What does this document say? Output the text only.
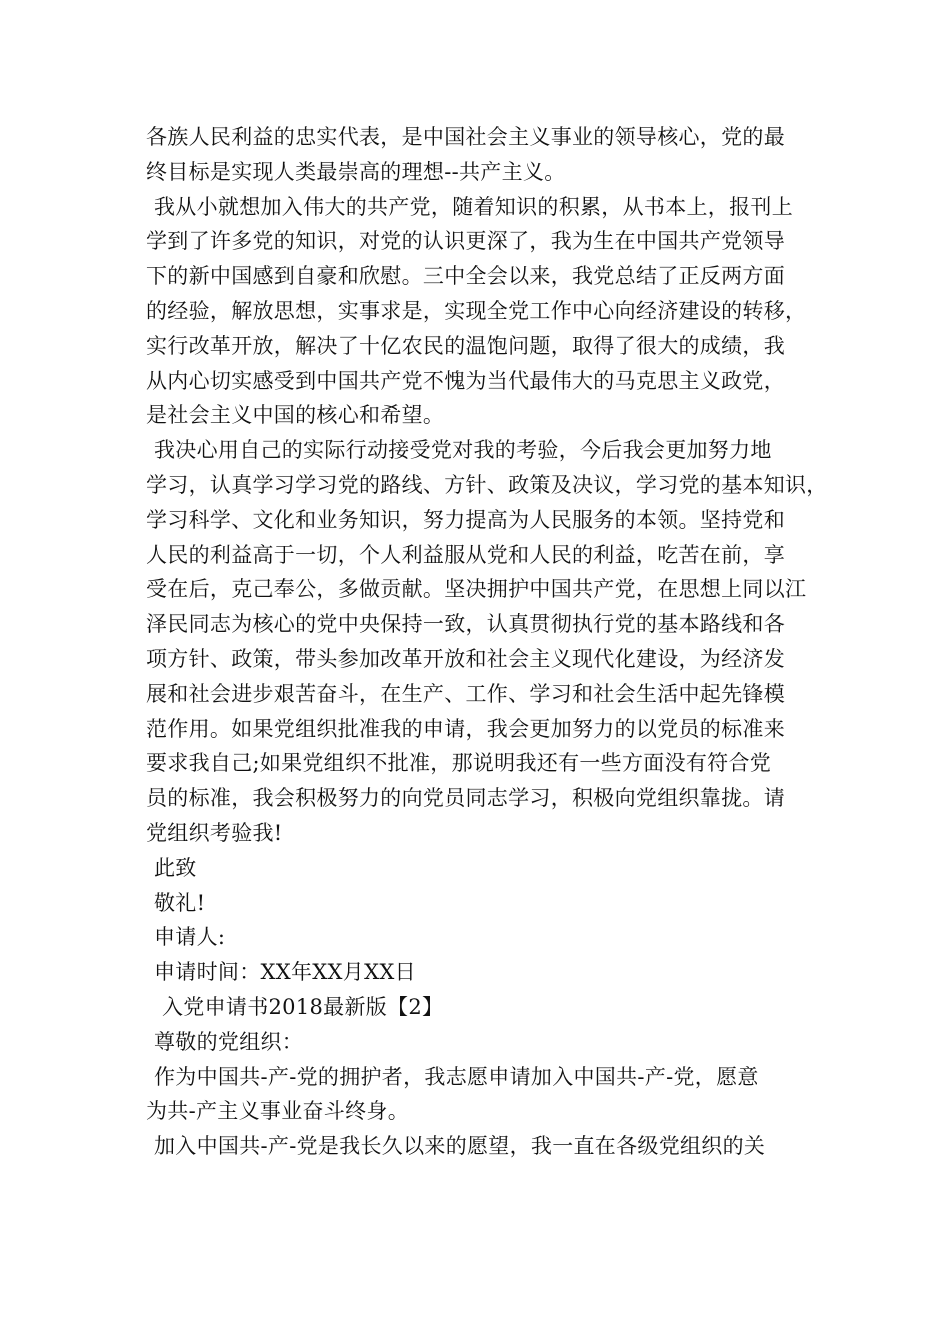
各族人民利益的忠实代表，是中国社会主义事业的领导核心，党的最
终目标是实现人类最崇高的理想--共产主义。
我从小就想加入伟大的共产党，随着知识的积累，从书本上，报刊上
学到了许多党的知识，对党的认识更深了，我为生在中国共产党领导
下的新中国感到自豪和欣慰。三中全会以来，我党总结了正反两方面
的经验，解放思想，实事求是，实现全党工作中心向经济建设的转移，
实行改革开放，解决了十亿农民的温饱问题，取得了很大的成绩，我
从内心切实感受到中国共产党不愧为当代最伟大的马克思主义政党，
是社会主义中国的核心和希望。
我决心用自己的实际行动接受党对我的考验，今后我会更加努力地
学习，认真学习学习党的路线、方针、政策及决议，学习党的基本知识，
学习科学、文化和业务知识，努力提高为人民服务的本领。坚持党和
人民的利益高于一切，个人利益服从党和人民的利益，吃苦在前，享
受在后，克己奉公，多做贡献。坚决拥护中国共产党，在思想上同以江
泽民同志为核心的党中央保持一致，认真贯彻执行党的基本路线和各
项方针、政策，带头参加改革开放和社会主义现代化建设，为经济发
展和社会进步艰苦奋斗，在生产、工作、学习和社会生活中起先锋模
范作用。如果党组织批准我的申请，我会更加努力的以党员的标准来
要求我自己;如果党组织不批准，那说明我还有一些方面没有符合党
员的标准，我会积极努力的向党员同志学习，积极向党组织靠拢。请
党组织考验我!
此致
敬礼!
申请人:
申请时间：XX年XX月XX日
入党申请书2018最新版【2】
尊敬的党组织：
作为中国共-产-党的拥护者，我志愿申请加入中国共-产-党，愿意
为共-产主义事业奋斗终身。
加入中国共-产-党是我长久以来的愿望，我一直在各级党组织的关
